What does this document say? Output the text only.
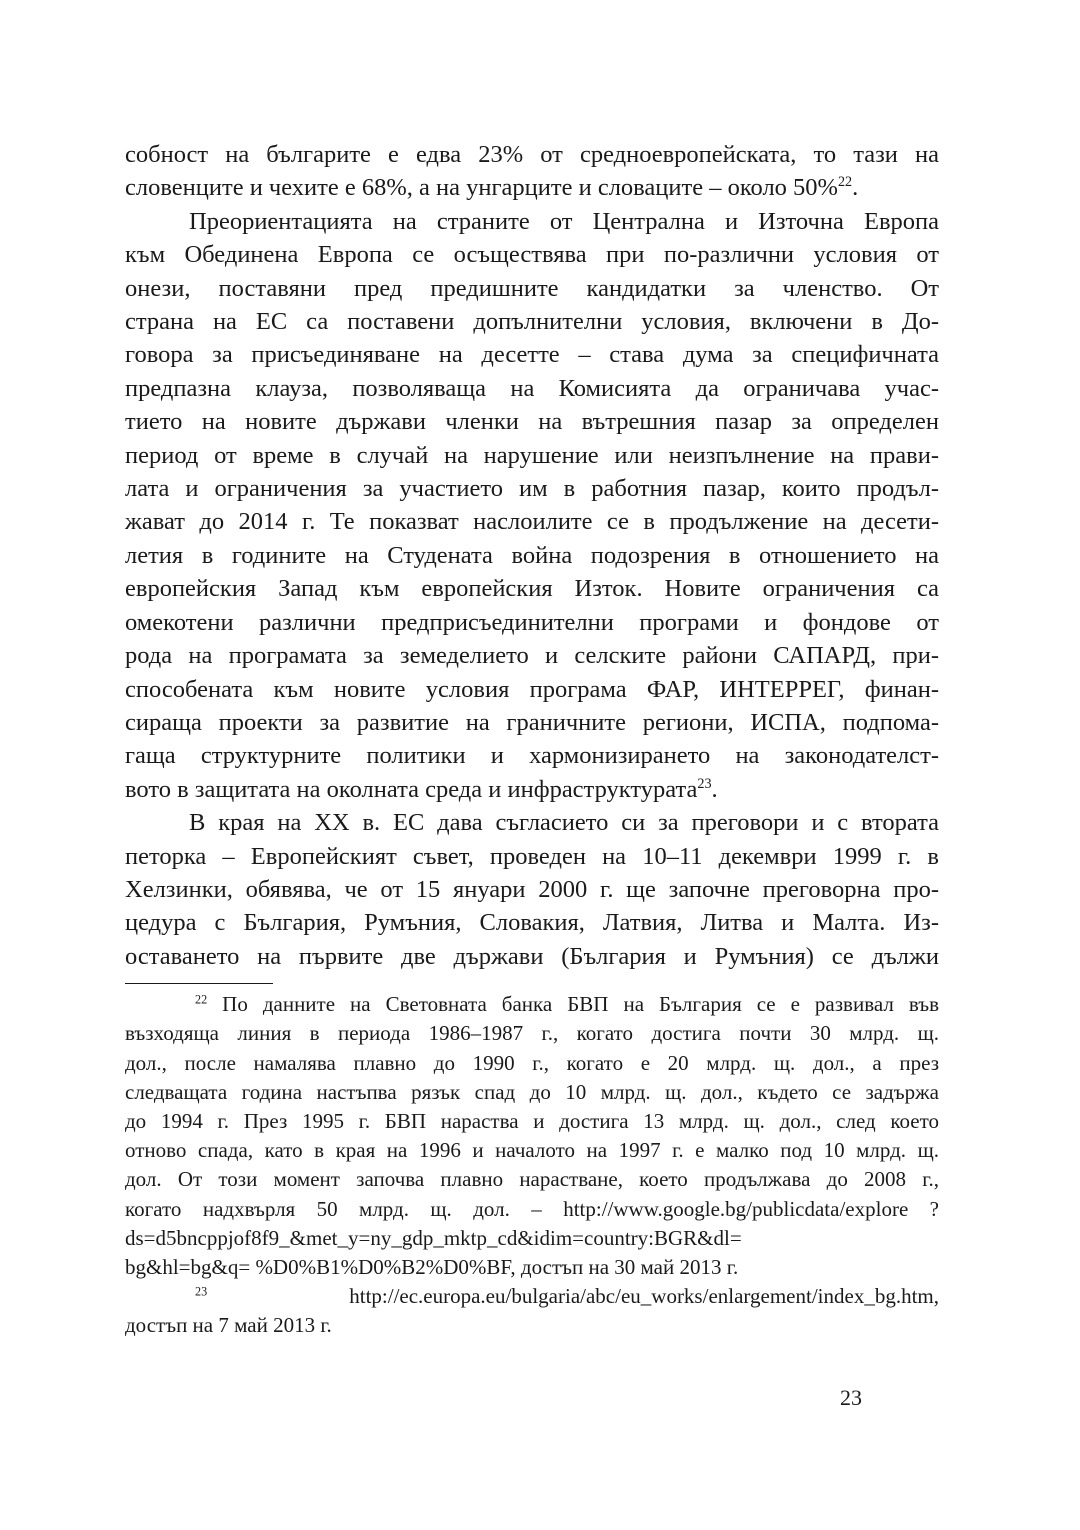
собност на българите е едва 23% от средноевропейската, то тази на
словенците и чехите е 68%, а на унгарците и словаците – около 50%$^{22}$.
Преориентацията на страните от Централна и Източна Европа
към Обединена Европа се осъществява при по-различни условия от
онези, поставяни пред предишните кандидатки за членство. От
страна на ЕС са поставени допълнителни условия, включени в До-
говора за присъединяване на десетте – става дума за специфичната
предпазна клауза, позволяваща на Комисията да ограничава учас-
тието на новите държави членки на вътрешния пазар за определен
период от време в случай на нарушение или неизпълнение на прави-
лата и ограничения за участието им в работния пазар, които продъл-
жават до 2014 г. Те показват наслоилите се в продължение на десети-
летия в годините на Студената война подозрения в отношението на
европейския Запад към европейския Изток. Новите ограничения са
омекотени различни предприсъединителни програми и фондове от
рода на програмата за земеделието и селските райони САПАРД, при-
способената към новите условия програма ФАР, ИНТЕРРЕГ, финан-
сираща проекти за развитие на граничните региони, ИСПА, подпома-
гаща структурните политики и хармонизирането на законодателст-
вото в защитата на околната среда и инфраструктурата$^{23}$.
В края на XX в. ЕС дава съгласието си за преговори и с втората
петорка – Европейският съвет, проведен на 10–11 декември 1999 г. в
Хелзинки, обявява, че от 15 януари 2000 г. ще започне преговорна про-
цедура с България, Румъния, Словакия, Латвия, Литва и Малта. Из-
оставането на първите две държави (България и Румъния) се дължи
$^{22}$ По данните на Световната банка БВП на България се е развивал във
възходяща линия в периода 1986–1987 г., когато достига почти 30 млрд. щ.
дол., после намалява плавно до 1990 г., когато е 20 млрд. щ. дол., а през
следващата година настъпва рязък спад до 10 млрд. щ. дол., където се задържа
до 1994 г. През 1995 г. БВП нараства и достига 13 млрд. щ. дол., след което
отново спада, като в края на 1996 и началото на 1997 г. е малко под 10 млрд. щ.
дол. От този момент започва плавно нарастване, което продължава до 2008 г.,
когато надхвърля 50 млрд. щ. дол. – http://www.google.bg/publicdata/explore ?
ds=d5bncppjof8f9_&met_y=ny_gdp_mktp_cd&idim=country:BGR&dl=
bg&hl=bg&q= %D0%B1%D0%B2%D0%BF, достъп на 30 май 2013 г.
$^{23}$ http://ec.europa.eu/bulgaria/abc/eu_works/enlargement/index_bg.htm,
достъп на 7 май 2013 г.
23
